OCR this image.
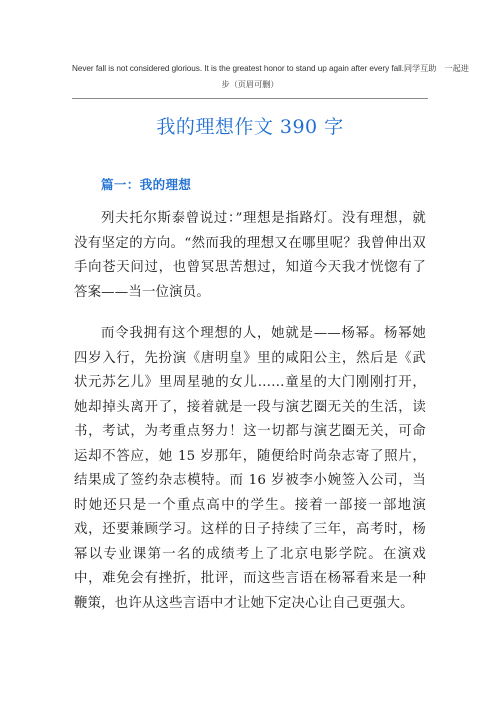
Never fall is not considered glorious. It is the greatest honor to stand up again after every fall.同学互助　一起进
步（页眉可删）
我的理想作文 390 字
篇一：我的理想

列夫托尔斯泰曾说过：”理想是指路灯。没有理想，就没有坚定的方向。“然而我的理想又在哪里呢？我曾伸出双手向苍天问过，也曾冥思苦想过，知道今天我才恍惚有了答案——当一位演员。

而令我拥有这个理想的人，她就是——杨幂。杨幂她四岁入行，先扮演《唐明皇》里的咸阳公主，然后是《武状元苏乞儿》里周星驰的女儿……童星的大门刚刚打开，她却掉头离开了，接着就是一段与演艺圈无关的生活，读书，考试，为考重点努力！这一切都与演艺圈无关，可命运却不答应，她 15 岁那年，随便给时尚杂志寄了照片，结果成了签约杂志模特。而 16 岁被李小婉签入公司，当时她还只是一个重点高中的学生。接着一部接一部地演戏，还要兼顾学习。这样的日子持续了三年，高考时，杨幂以专业课第一名的成绩考上了北京电影学院。在演戏中，难免会有挫折，批评，而这些言语在杨幂看来是一种鞭策，也许从这些言语中才让她下定决心让自己更强大。
